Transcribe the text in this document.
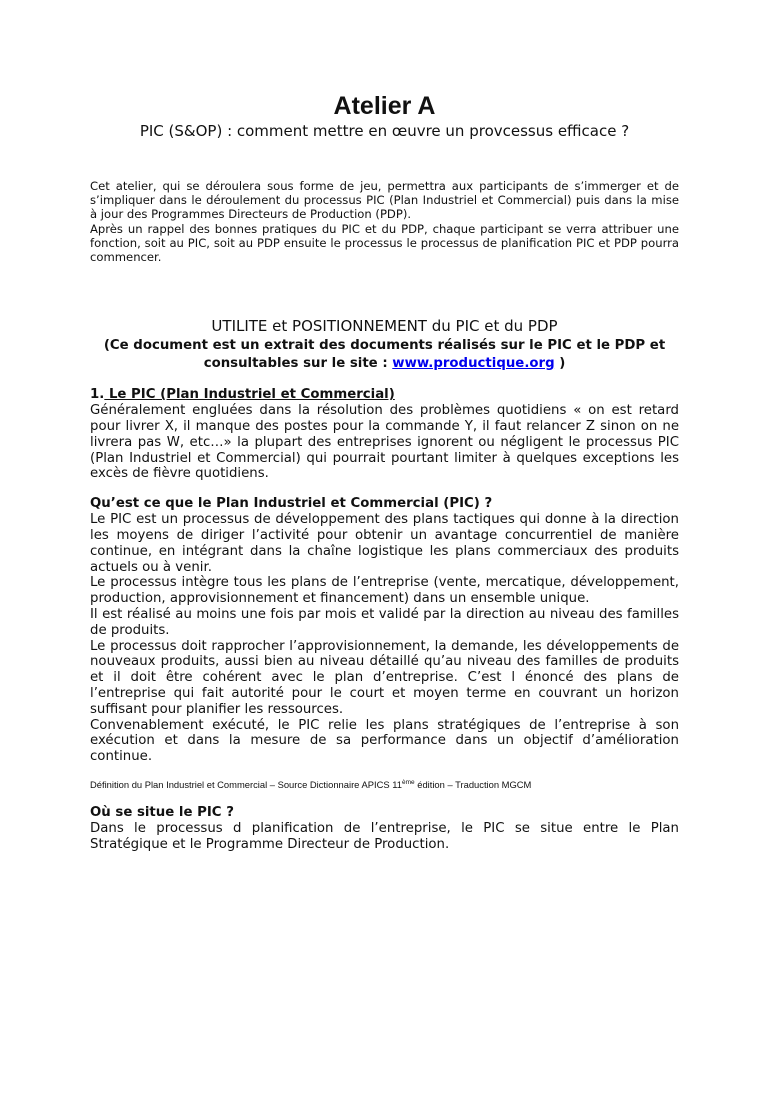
Atelier A
PIC (S&OP) : comment mettre en œuvre un provcessus efficace ?

Cet atelier, qui se déroulera sous forme de jeu, permettra aux participants de s’immerger et de s’impliquer dans le déroulement du processus PIC (Plan Industriel et Commercial) puis dans la mise à jour des Programmes Directeurs de Production (PDP).

Après un rappel des bonnes pratiques du PIC et du PDP, chaque participant se verra attribuer une fonction, soit au PIC, soit au PDP ensuite le processus le processus de planification PIC et PDP pourra commencer.

UTILITE et POSITIONNEMENT du PIC et du PDP
(Ce document est un extrait des documents réalisés sur le PIC et le PDP et consultables sur le site : www.productique.org )
1. Le PIC (Plan Industriel et Commercial)

Généralement engluées dans la résolution des problèmes quotidiens « on est retard pour livrer X, il manque des postes pour la commande Y, il faut relancer Z sinon on ne livrera pas W, etc…» la plupart des entreprises ignorent ou négligent le processus PIC (Plan Industriel et Commercial) qui pourrait pourtant limiter à quelques exceptions les excès de fièvre quotidiens.

Qu’est ce que le Plan Industriel et Commercial (PIC) ?

Le PIC est un processus de développement des plans tactiques qui donne à la direction les moyens de diriger l’activité pour obtenir un avantage concurrentiel de manière continue, en intégrant dans la chaîne logistique les plans commerciaux des produits actuels ou à venir.

Le processus intègre tous les plans de l’entreprise (vente, mercatique, développement, production, approvisionnement et financement) dans un ensemble unique.

Il est réalisé au moins une fois par mois et validé par la direction au niveau des familles de produits.

Le processus doit rapprocher l’approvisionnement, la demande, les développements de nouveaux produits, aussi bien au niveau détaillé qu’au niveau des familles de produits et il doit être cohérent avec le plan d’entreprise. C’est l énoncé des plans de l’entreprise qui fait autorité pour le court et moyen terme en couvrant un horizon suffisant pour planifier les ressources.

Convenablement exécuté, le PIC relie les plans stratégiques de l’entreprise à son exécution et dans la mesure de sa performance dans un objectif d’amélioration continue.

Définition du Plan Industriel et Commercial – Source Dictionnaire APICS 11ème édition – Traduction MGCM
Où se situe le PIC ?

Dans le processus d planification de l’entreprise, le PIC se situe entre le Plan Stratégique et le Programme Directeur de Production.
